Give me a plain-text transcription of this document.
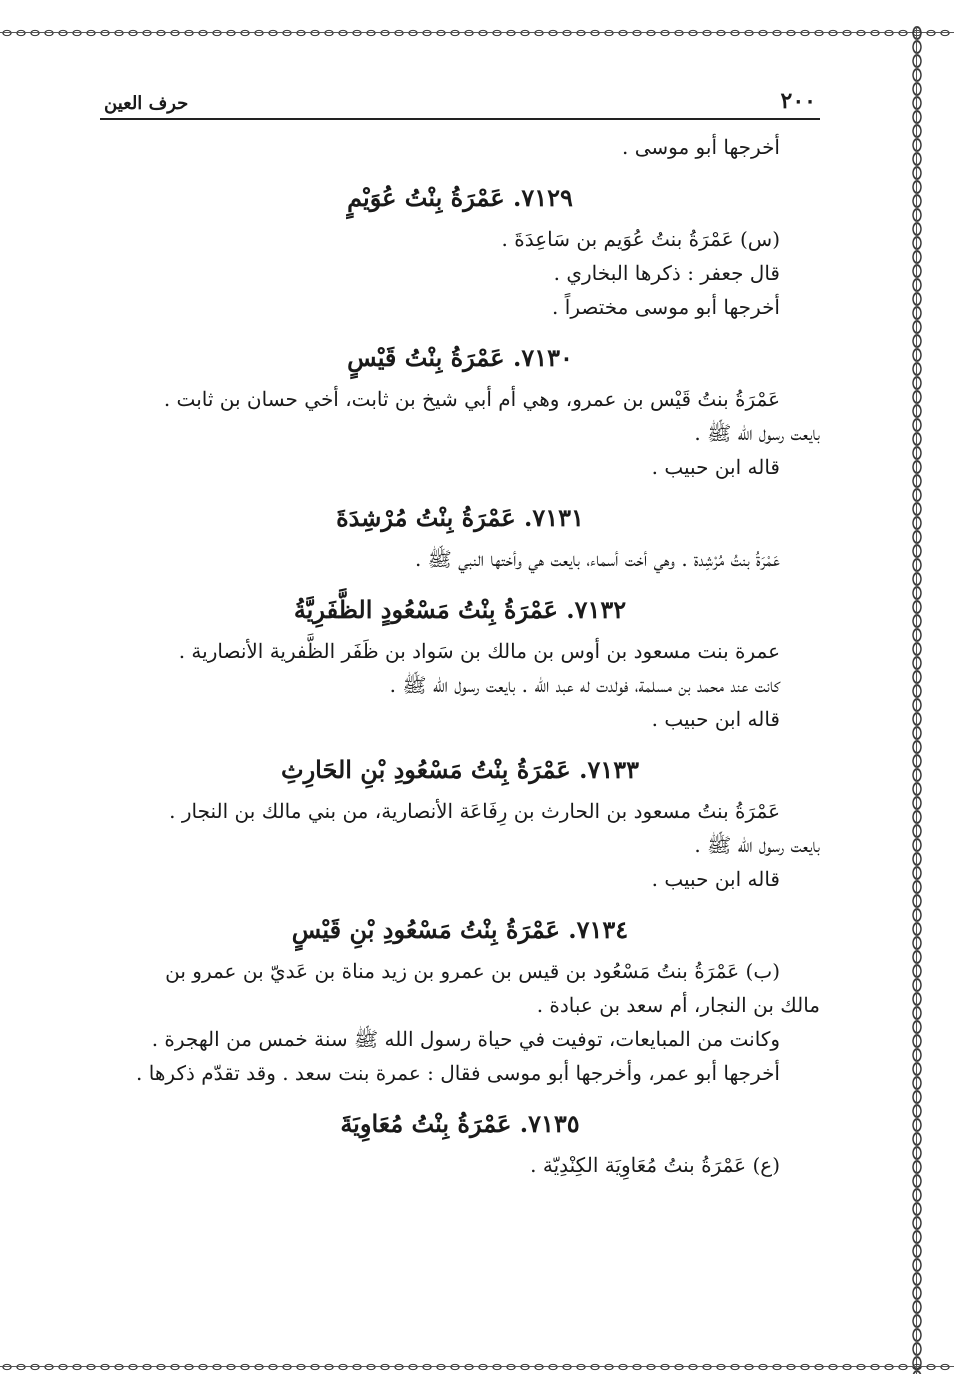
٢٠٠
حرف العين

أخرجها أبو موسى .

٧١٢٩. عَمْرَةُ بِنْتُ عُوَيْمٍ

(س) عَمْرَةُ بنتُ عُوَيم بن سَاعِدَةَ .

قال جعفر : ذكرها البخاري .

أخرجها أبو موسى مختصراً .

٧١٣٠. عَمْرَةُ بِنْتُ قَيْسٍ

عَمْرَةُ بنتُ قَيْس بن عمرو، وهي أم أبي شيخ بن ثابت، أخي حسان بن ثابت .

بايعت رسول الله ﷺ .

قاله ابن حبيب .

٧١٣١. عَمْرَةُ بِنْتُ مُرْشِدَةَ

عَمْرَةُ بنتُ مُرْشِدة . وهي أخت أسماء، بايعت هي وأختها النبي ﷺ .

٧١٣٢. عَمْرَةُ بِنْتُ مَسْعُودٍ الظَّفَرِيَّةُ

عمرة بنت مسعود بن أوس بن مالك بن سَواد بن ظَفَر الظَّفرية الأنصارية .

كانت عند محمد بن مسلمة، فولدت له عبد الله . بايعت رسول الله ﷺ .

قاله ابن حبيب .

٧١٣٣. عَمْرَةُ بِنْتُ مَسْعُودِ بْنِ الحَارِثِ

عَمْرَةُ بنتُ مسعود بن الحارث بن رِفَاعَة الأنصارية، من بني مالك بن النجار .

بايعت رسول الله ﷺ .

قاله ابن حبيب .

٧١٣٤. عَمْرَةُ بِنْتُ مَسْعُودِ بْنِ قَيْسٍ

(ب) عَمْرَةُ بنتُ مَسْعُود بن قيس بن عمرو بن زيد مناة بن عَديّ بن عمرو بن

مالك بن النجار، أم سعد بن عبادة .

وكانت من المبايعات، توفيت في حياة رسول الله ﷺ سنة خمس من الهجرة .

أخرجها أبو عمر، وأخرجها أبو موسى فقال : عمرة بنت سعد . وقد تقدّم ذكرها .

٧١٣٥. عَمْرَةُ بِنْتُ مُعَاوِيَةَ

(ع) عَمْرَةُ بنتُ مُعَاوِيَة الكِنْدِيّة .
